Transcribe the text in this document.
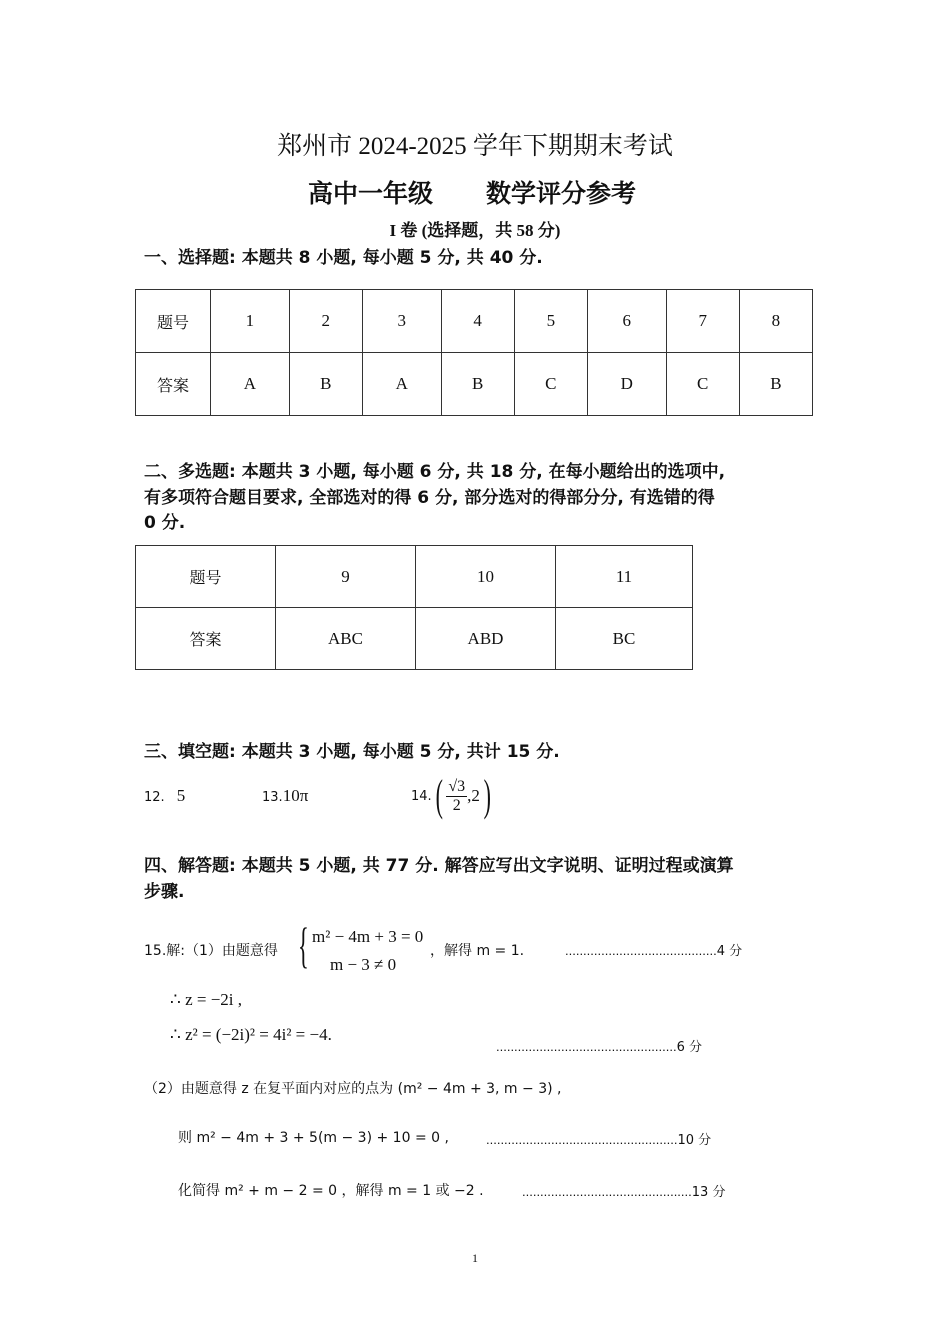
郑州市 2024-2025 学年下期期末考试
高中一年级 数学评分参考
I 卷 (选择题，共 58 分)
一、选择题: 本题共 8 小题, 每小题 5 分, 共 40 分.
题号	1	2	3	4	5	6	7	8
答案	A	B	A	B	C	D	C	B
二、多选题: 本题共 3 小题, 每小题 6 分, 共 18 分, 在每小题给出的选项中,
有多项符合题目要求, 全部选对的得 6 分, 部分选对的得部分分, 有选错的得
0 分.
题号	9	10	11
答案	ABC	ABD	BC
三、填空题: 本题共 3 小题, 每小题 5 分, 共计 15 分.
12. 5	13.10π	14. ( $\frac{√3}{2} ,2$ )
四、解答题: 本题共 5 小题, 共 77 分. 解答应写出文字说明、证明过程或演算
步骤.
15.解:（1）由题意得 { m² − 4m + 3 = 0
m − 3 ≠ 0
，解得 m = 1.	..........................................4 分
∴ z = −2i ,
∴ z² = (−2i)² = 4i² = −4.
..................................................6 分
（2）由题意得 z 在复平面内对应的点为 (m² − 4m + 3, m − 3) ,
则 m² − 4m + 3 + 5(m − 3) + 10 = 0 ,	.....................................................10 分
化简得 m² + m − 2 = 0 ，解得 m = 1 或 −2 .	...............................................13 分
1
